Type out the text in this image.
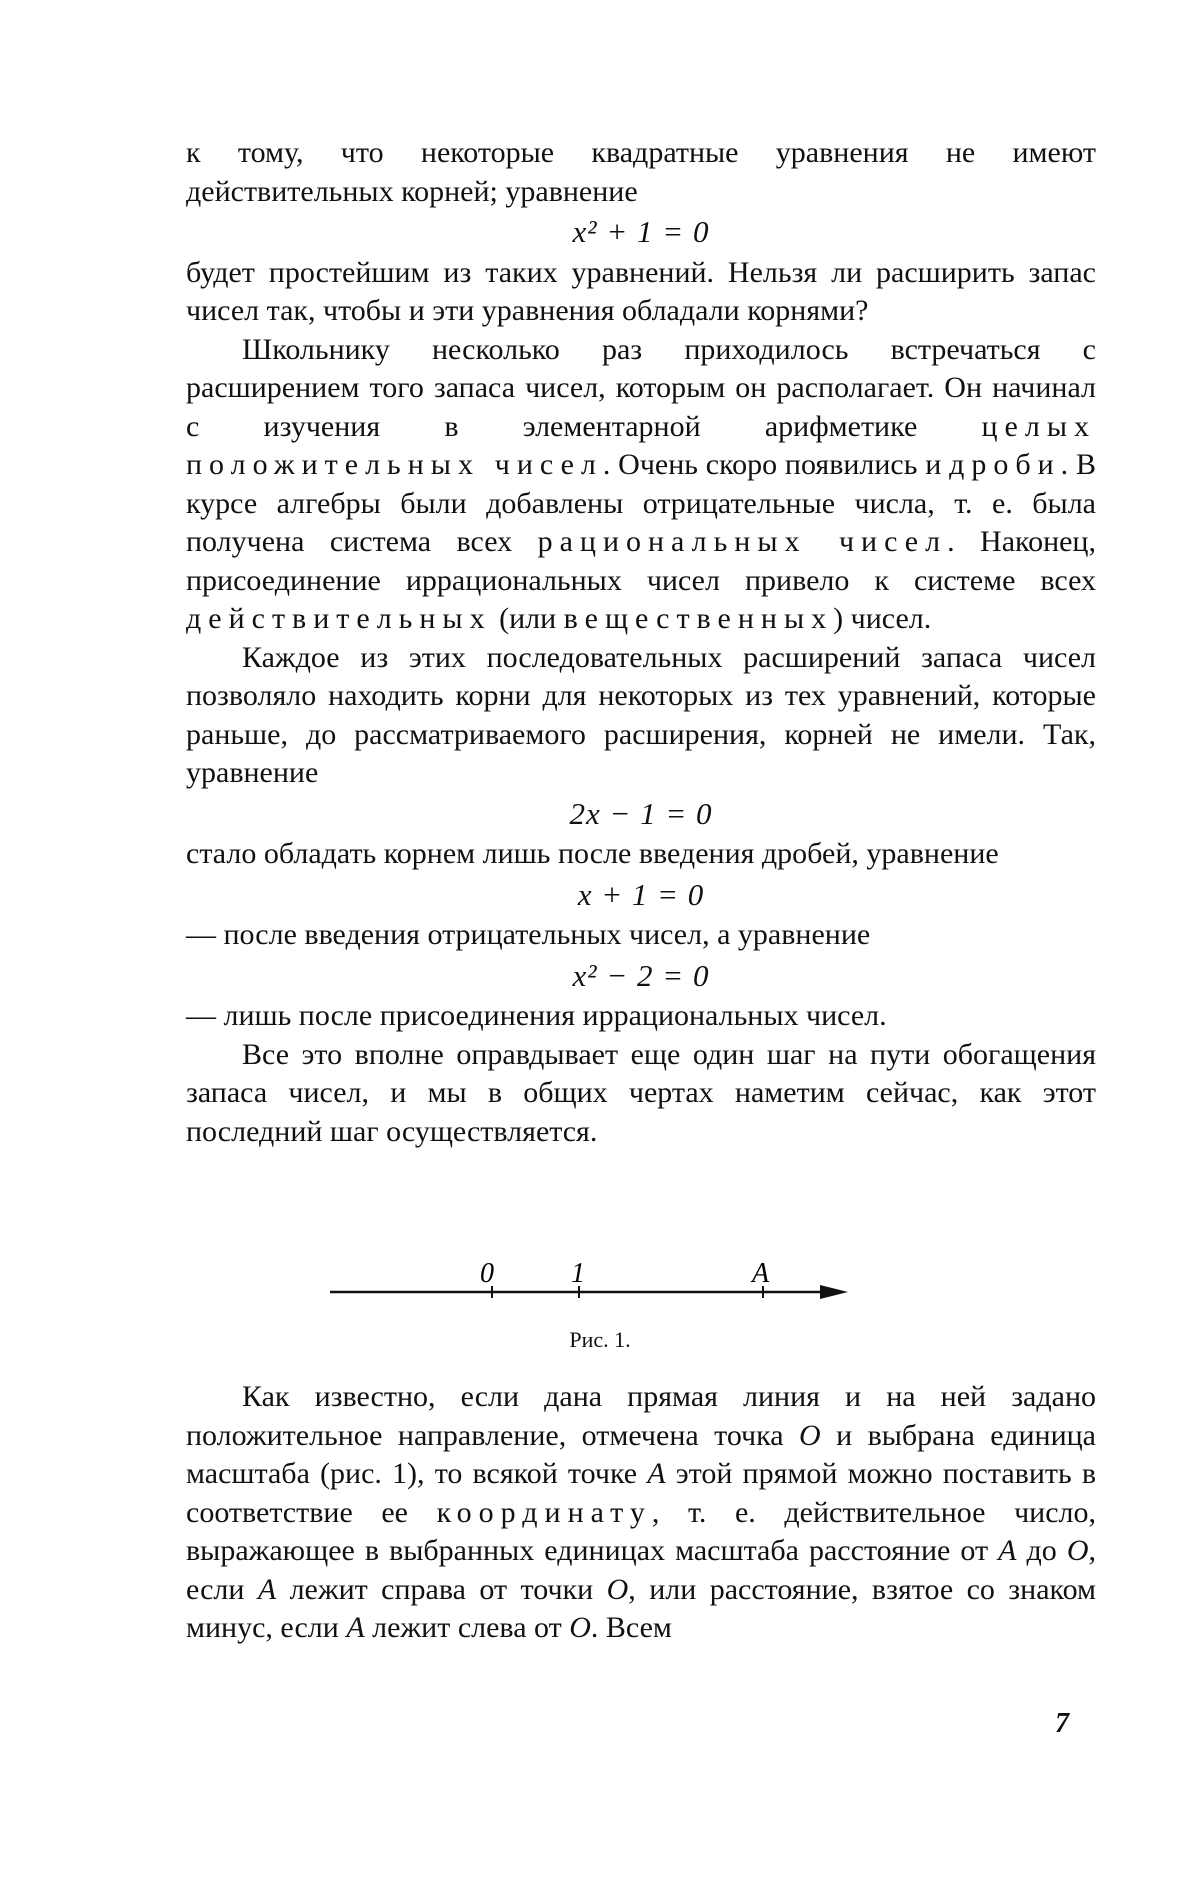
к тому, что некоторые квадратные уравнения не имеют действительных корней; уравнение

x² + 1 = 0

будет простейшим из таких уравнений. Нельзя ли расширить запас чисел так, чтобы и эти уравнения обладали корнями?

Школьнику несколько раз приходилось встречаться с расширением того запаса чисел, которым он располагает. Он начинал с изучения в элементарной арифметике целых положительных чисел. Очень скоро появились и дроби. В курсе алгебры были добавлены отрицательные числа, т. е. была получена система всех рациональных чисел. Наконец, присоединение иррациональных чисел привело к системе всех действительных (или вещественных) чисел.

Каждое из этих последовательных расширений запаса чисел позволяло находить корни для некоторых из тех уравнений, которые раньше, до рассматриваемого расширения, корней не имели. Так, уравнение

2x − 1 = 0

стало обладать корнем лишь после введения дробей, уравнение

x + 1 = 0

— после введения отрицательных чисел, а уравнение

x² − 2 = 0

— лишь после присоединения иррациональных чисел.

Все это вполне оправдывает еще один шаг на пути обогащения запаса чисел, и мы в общих чертах наметим сейчас, как этот последний шаг осуществляется.

0	1	A
Рис. 1.

Как известно, если дана прямая линия и на ней задано положительное направление, отмечена точка O и выбрана единица масштаба (рис. 1), то всякой точке A этой прямой можно поставить в соответствие ее координату, т. е. действительное число, выражающее в выбранных единицах масштаба расстояние от A до O, если A лежит справа от точки O, или расстояние, взятое со знаком минус, если A лежит слева от O. Всем

7
